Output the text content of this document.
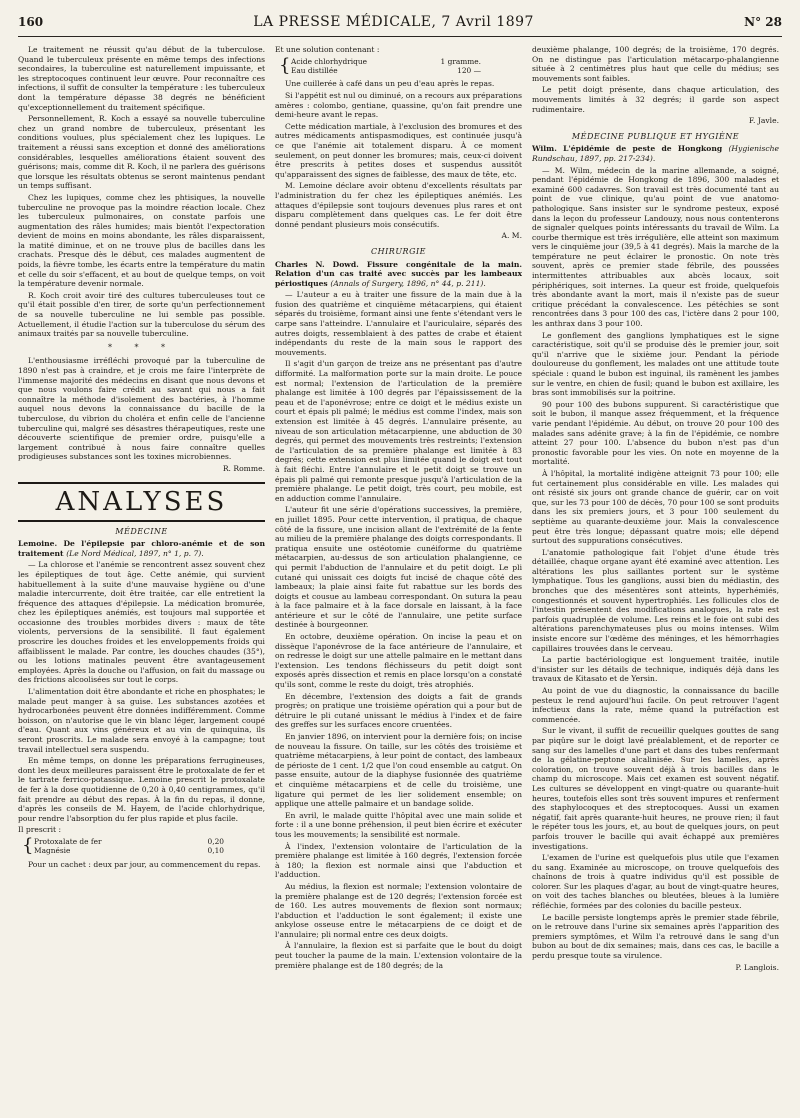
160	LA PRESSE MÉDICALE, 7 Avril 1897	N° 28

Le traitement ne réussit qu'au début de la tuberculose. Quand le tuberculeux présente en même temps des infections secondaires, la tuberculine est naturellement impuissante, et les streptocoques continuent leur œuvre. Pour reconnaître ces infections, il suffit de consulter la température : les tuberculeux dont la température dépasse 38 degrés ne bénéficient qu'exceptionnellement du traitement spécifique.

Personnellement, R. Koch a essayé sa nouvelle tuberculine chez un grand nombre de tuberculeux, présentant les conditions voulues, plus spécialement chez les lupiques. Le traitement a réussi sans exception et donné des améliorations considérables, lesquelles améliorations étaient souvent des guérisons; mais, comme dit R. Koch, il ne parlera des guérisons que lorsque les résultats obtenus se seront maintenus pendant un temps suffisant.

Chez les lupiques, comme chez les phtisiques, la nouvelle tuberculine ne provoque pas la moindre réaction locale. Chez les tuberculeux pulmonaires, on constate parfois une augmentation des râles humides; mais bientôt l'expectoration devient de moins en moins abondante, les râles disparaissent, la matité diminue, et on ne trouve plus de bacilles dans les crachats. Presque dès le début, ces malades augmentent de poids, la fièvre tombe, les écarts entre la température du matin et celle du soir s'effacent, et au bout de quelque temps, on voit la température devenir normale.

R. Koch croit avoir tiré des cultures tuberculeuses tout ce qu'il était possible d'en tirer, de sorte qu'un perfectionnement de sa nouvelle tuberculine ne lui semble pas possible. Actuellement, il étudie l'action sur la tuberculose du sérum des animaux traités par sa nouvelle tuberculine.

* * *

L'enthousiasme irréfléchi provoqué par la tuberculine de 1890 n'est pas à craindre, et je crois me faire l'interprète de l'immense majorité des médecins en disant que nous devons et que nous voulons faire crédit au savant qui nous a fait connaître la méthode d'isolement des bactéries, à l'homme auquel nous devons la connaissance du bacille de la tuberculose, du vibrion du choléra et enfin celle de l'ancienne tuberculine qui, malgré ses désastres thérapeutiques, reste une découverte scientifique de premier ordre, puisqu'elle a largement contribué à nous faire connaître quelles prodigieuses substances sont les toxines microbiennes.

R. Romme.

ANALYSES
MÉDECINE

Lemoine. De l'épilepsie par chloro-anémie et de son traitement (Le Nord Médical, 1897, n° 1, p. 7).

— La chlorose et l'anémie se rencontrent assez souvent chez les épileptiques de tout âge. Cette anémie, qui survient habituellement à la suite d'une mauvaise hygiène ou d'une maladie intercurrente, doit être traitée, car elle entretient la fréquence des attaques d'épilepsie. La médication bromurée, chez les épileptiques anémiés, est toujours mal supportée et occasionne des troubles morbides divers : maux de tête violents, perversions de la sensibilité. Il faut également proscrire les douches froides et les enveloppements froids qui affaiblissent le malade. Par contre, les douches chaudes (35°), ou les lotions matinales peuvent être avantageusement employées. Après la douche ou l'affusion, on fait du massage ou des frictions alcoolisées sur tout le corps.

L'alimentation doit être abondante et riche en phosphates; le malade peut manger à sa guise. Les substances azotées et hydrocarbonées peuvent être données indifféremment. Comme boisson, on n'autorise que le vin blanc léger, largement coupé d'eau. Quant aux vins généreux et au vin de quinquina, ils seront proscrits. Le malade sera envoyé à la campagne; tout travail intellectuel sera suspendu.

En même temps, on donne les préparations ferrugineuses, dont les deux meilleures paraissent être le protoxalate de fer et le tartrate ferrico-potassique. Lemoine prescrit le protoxalate de fer à la dose quotidienne de 0,20 à 0,40 centigrammes, qu'il fait prendre au début des repas. À la fin du repas, il donne, d'après les conseils de M. Hayem, de l'acide chlorhydrique, pour rendre l'absorption du fer plus rapide et plus facile.

Il prescrit :

{ Protoxalate de fer	0,20
Magnésie	0,10

Pour un cachet : deux par jour, au commencement du repas.

Et une solution contenant :

{ Acide chlorhydrique	1 gramme.
Eau distillée	120 —

Une cuillerée à café dans un peu d'eau après le repas.

Si l'appétit est nul ou diminué, on a recours aux préparations amères : colombo, gentiane, quassine, qu'on fait prendre une demi-heure avant le repas.

Cette médication martiale, à l'exclusion des bromures et des autres médicaments antispasmodiques, est continuée jusqu'à ce que l'anémie ait totalement disparu. À ce moment seulement, on peut donner les bromures; mais, ceux-ci doivent être prescrits à petites doses et suspendus aussitôt qu'apparaissent des signes de faiblesse, des maux de tête, etc.

M. Lemoine déclare avoir obtenu d'excellents résultats par l'administration du fer chez les épileptiques anémiés. Les attaques d'épilepsie sont toujours devenues plus rares et ont disparu complètement dans quelques cas. Le fer doit être donné pendant plusieurs mois consécutifs.

A. M.

CHIRURGIE

Charles N. Dowd. Fissure congénitale de la main. Relation d'un cas traité avec succès par les lambeaux périostiques (Annals of Surgery, 1896, n° 44, p. 211).

— L'auteur a eu à traiter une fissure de la main due à la fusion des quatrième et cinquième métacarpiens, qui étaient séparés du troisième, formant ainsi une fente s'étendant vers le carpe sans l'atteindre. L'annulaire et l'auriculaire, séparés des autres doigts, ressemblaient à des pattes de crabe et étaient indépendants du reste de la main sous le rapport des mouvements.

Il s'agit d'un garçon de treize ans ne présentant pas d'autre difformité. La malformation porte sur la main droite. Le pouce est normal; l'extension de l'articulation de la première phalange est limitée à 100 degrés par l'épaississement de la peau et de l'aponévrose; entre ce doigt et le médius existe un court et épais pli palmé; le médius est comme l'index, mais son extension est limitée à 45 degrés. L'annulaire présente, au niveau de son articulation métacarpienne, une abduction de 30 degrés, qui permet des mouvements très restreints; l'extension de l'articulation de sa première phalange est limitée à 83 degrés; cette extension est plus limitée quand le doigt est tout à fait fléchi. Entre l'annulaire et le petit doigt se trouve un épais pli palmé qui remonte presque jusqu'à l'articulation de la première phalange. Le petit doigt, très court, peu mobile, est en adduction comme l'annulaire.

L'auteur fit une série d'opérations successives, la première, en juillet 1895. Pour cette intervention, il pratiqua, de chaque côté de la fissure, une incision allant de l'extrémité de la fente au milieu de la première phalange des doigts correspondants. Il pratiqua ensuite une ostéotomie cunéiforme du quatrième métacarpien, au-dessus de son articulation phalangienne, ce qui permit l'abduction de l'annulaire et du petit doigt. Le pli cutané qui unissait ces doigts fut incisé de chaque côté des lambeaux; la plaie ainsi faite fut rabattue sur les bords des doigts et cousue au lambeau correspondant. On sutura la peau à la face palmaire et à la face dorsale en laissant, à la face antérieure et sur le côté de l'annulaire, une petite surface destinée à bourgeonner.

En octobre, deuxième opération. On incise la peau et on dissèque l'aponévrose de la face antérieure de l'annulaire, et on redresse le doigt sur une attelle palmaire en le mettant dans l'extension. Les tendons fléchisseurs du petit doigt sont exposés après dissection et remis en place lorsqu'on a constaté qu'ils sont, comme le reste du doigt, très atrophiés.

En décembre, l'extension des doigts a fait de grands progrès; on pratique une troisième opération qui a pour but de détruire le pli cutané unissant le médius à l'index et de faire des greffes sur les surfaces encore cruentées.

En janvier 1896, on intervient pour la dernière fois; on incise de nouveau la fissure. On taille, sur les côtés des troisième et quatrième métacarpiens, à leur point de contact, des lambeaux de périoste de 1 cent. 1/2 que l'on coud ensemble au catgut. On passe ensuite, autour de la diaphyse fusionnée des quatrième et cinquième métacarpiens et de celle du troisième, une ligature qui permet de les lier solidement ensemble; on applique une attelle palmaire et un bandage solide.

En avril, le malade quitte l'hôpital avec une main solide et forte : il a une bonne préhension, il peut bien écrire et exécuter tous les mouvements; la sensibilité est normale.

À l'index, l'extension volontaire de l'articulation de la première phalange est limitée à 160 degrés, l'extension forcée à 180; la flexion est normale ainsi que l'abduction et l'adduction.

Au médius, la flexion est normale; l'extension volontaire de la première phalange est de 120 degrés; l'extension forcée est de 160. Les autres mouvements de flexion sont normaux; l'abduction et l'adduction le sont également; il existe une ankylose osseuse entre le métacarpiens de ce doigt et de l'annulaire; pli normal entre ces deux doigts.

À l'annulaire, la flexion est si parfaite que le bout du doigt peut toucher la paume de la main. L'extension volontaire de la première phalange est de 180 degrés; de la

deuxième phalange, 100 degrés; de la troisième, 170 degrés. On ne distingue pas l'articulation métacarpo-phalangienne située à 2 centimètres plus haut que celle du médius; ses mouvements sont faibles.

Le petit doigt présente, dans chaque articulation, des mouvements limités à 32 degrés; il garde son aspect rudimentaire.

F. Javle.

MÉDECINE PUBLIQUE ET HYGIÈNE

Wilm. L'épidémie de peste de Hongkong (Hygienische Rundschau, 1897, pp. 217-234).

— M. Wilm, médecin de la marine allemande, a soigné, pendant l'épidémie de Hongkong de 1896, 300 malades et examiné 600 cadavres. Son travail est très documenté tant au point de vue clinique, qu'au point de vue anatomo-pathologique. Sans insister sur le syndrome pesteux, exposé dans la leçon du professeur Landouzy, nous nous contenterons de signaler quelques points intéressants du travail de Wilm. La courbe thermique est très irrégulière, elle atteint son maximum vers le cinquième jour (39,5 à 41 degrés). Mais la marche de la température ne peut éclairer le pronostic. On note très souvent, après ce premier stade fébrile, des poussées intermittentes attribuables aux abcès locaux, soit périphériques, soit internes. La queur est froide, quelquefois très abondante avant la mort, mais il n'existe pas de sueur critique précédant la convalescence. Les pétéchies se sont rencontrées dans 3 pour 100 des cas, l'ictère dans 2 pour 100, les anthrax dans 3 pour 100.

Le gonflement des ganglions lymphatiques est le signe caractéristique, soit qu'il se produise dès le premier jour, soit qu'il n'arrive que le sixième jour. Pendant la période douloureuse du gonflement, les malades ont une attitude toute spéciale : quand le bubon est inguinal, ils ramènent les jambes sur le ventre, en chien de fusil; quand le bubon est axillaire, les bras sont immobilisés sur la poitrine.

90 pour 100 des bubons suppurent. Si caractéristique que soit le bubon, il manque assez fréquemment, et la fréquence varie pendant l'épidémie. Au début, on trouve 20 pour 100 des malades sans adénite grave; à la fin de l'épidémie, ce nombre atteint 27 pour 100. L'absence du bubon n'est pas d'un pronostic favorable pour les vies. On note en moyenne de la mortalité.

À l'hôpital, la mortalité indigène atteignit 73 pour 100; elle fut certainement plus considérable en ville. Les malades qui ont résisté six jours ont grande chance de guérir, car on voit que, sur les 73 pour 100 de décès, 70 pour 100 se sont produits dans les six premiers jours, et 3 pour 100 seulement du septième au quarante-deuxième jour. Mais la convalescence peut être très longue; dépassant quatre mois; elle dépend surtout des suppurations consécutives.

L'anatomie pathologique fait l'objet d'une étude très détaillée, chaque organe ayant été examiné avec attention. Les altérations les plus saillantes portent sur le système lymphatique. Tous les ganglions, aussi bien du médiastin, des bronches que des mésentères sont atteints, hyperhémiés, congestionnés et souvent hypertrophiés. Les follicules clos de l'intestin présentent des modifications analogues, la rate est parfois quadruplée de volume. Les reins et le foie ont subi des altérations parenchymateuses plus ou moins intenses. Wilm insiste encore sur l'œdème des méninges, et les hémorrhagies capillaires trouvées dans le cerveau.

La partie bactériologique est longuement traitée, inutile d'insister sur les détails de technique, indiqués déjà dans les travaux de Kitasato et de Yersin.

Au point de vue du diagnostic, la connaissance du bacille pesteux le rend aujourd'hui facile. On peut retrouver l'agent infectieux dans la rate, même quand la putréfaction est commencée.

Sur le vivant, il suffit de recueillir quelques gouttes de sang par piqûre sur le doigt lavé préalablement, et de reporter ce sang sur des lamelles d'une part et dans des tubes renfermant de la gélatine-peptone alcalinisée. Sur les lamelles, après coloration, on trouve souvent déjà à trois bacilles dans le champ du microscope. Mais cet examen est souvent négatif. Les cultures se développent en vingt-quatre ou quarante-huit heures, toutefois elles sont très souvent impures et renferment des staphylocoques et des streptocoques. Aussi un examen négatif, fait après quarante-huit heures, ne prouve rien; il faut le répéter tous les jours, et, au bout de quelques jours, on peut parfois trouver le bacille qui avait échappé aux premières investigations.

L'examen de l'urine est quelquefois plus utile que l'examen du sang. Examinée au microscope, on trouve quelquefois des chaînons de trois à quatre individus qu'il est possible de colorer. Sur les plaques d'agar, au bout de vingt-quatre heures, on voit des taches blanches ou bleutées, bleues à la lumière réfléchie, formées par des colonies du bacille pesteux.

Le bacille persiste longtemps après le premier stade fébrile, on le retrouve dans l'urine six semaines après l'apparition des premiers symptômes, et Wilm l'a retrouvé dans le sang d'un bubon au bout de dix semaines; mais, dans ces cas, le bacille a perdu presque toute sa virulence.

P. Langlois.
